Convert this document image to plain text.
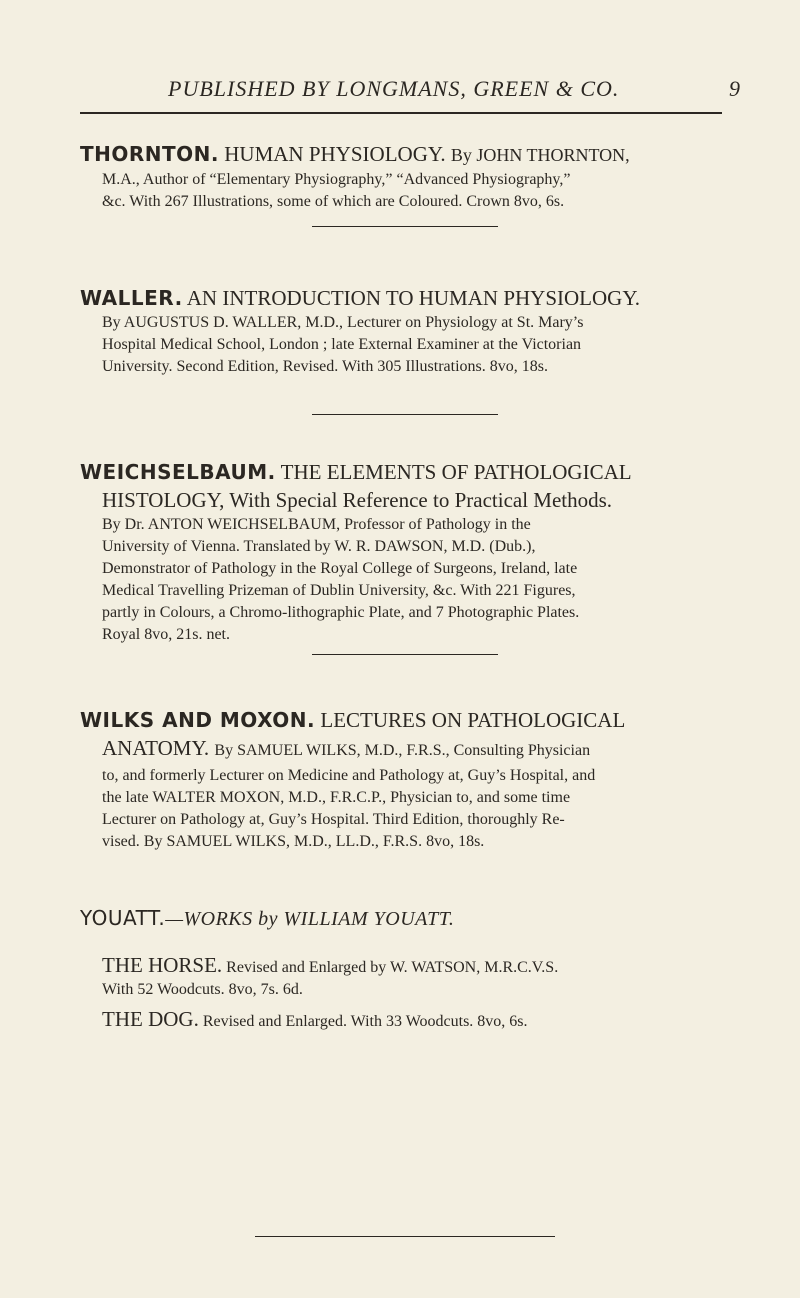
PUBLISHED BY LONGMANS, GREEN & CO.	9
THORNTON. HUMAN PHYSIOLOGY. By JOHN THORNTON,
M.A., Author of “Elementary Physiography,” “Advanced Physiography,”
&c. With 267 Illustrations, some of which are Coloured. Crown 8vo, 6s.
WALLER. AN INTRODUCTION TO HUMAN PHYSIOLOGY.
By AUGUSTUS D. WALLER, M.D., Lecturer on Physiology at St. Mary’s
Hospital Medical School, London ; late External Examiner at the Victorian
University. Second Edition, Revised. With 305 Illustrations. 8vo, 18s.
WEICHSELBAUM. THE ELEMENTS OF PATHOLOGICAL
HISTOLOGY, With Special Reference to Practical Methods.
By Dr. ANTON WEICHSELBAUM, Professor of Pathology in the
University of Vienna. Translated by W. R. DAWSON, M.D. (Dub.),
Demonstrator of Pathology in the Royal College of Surgeons, Ireland, late
Medical Travelling Prizeman of Dublin University, &c. With 221 Figures,
partly in Colours, a Chromo-lithographic Plate, and 7 Photographic Plates.
Royal 8vo, 21s. net.
WILKS AND MOXON. LECTURES ON PATHOLOGICAL
ANATOMY. By SAMUEL WILKS, M.D., F.R.S., Consulting Physician
to, and formerly Lecturer on Medicine and Pathology at, Guy’s Hospital, and
the late WALTER MOXON, M.D., F.R.C.P., Physician to, and some time
Lecturer on Pathology at, Guy’s Hospital. Third Edition, thoroughly Re-
vised. By SAMUEL WILKS, M.D., LL.D., F.R.S. 8vo, 18s.
YOUATT.—WORKS by WILLIAM YOUATT.
THE HORSE. Revised and Enlarged by W. WATSON, M.R.C.V.S.
With 52 Woodcuts. 8vo, 7s. 6d.
THE DOG. Revised and Enlarged. With 33 Woodcuts. 8vo, 6s.
